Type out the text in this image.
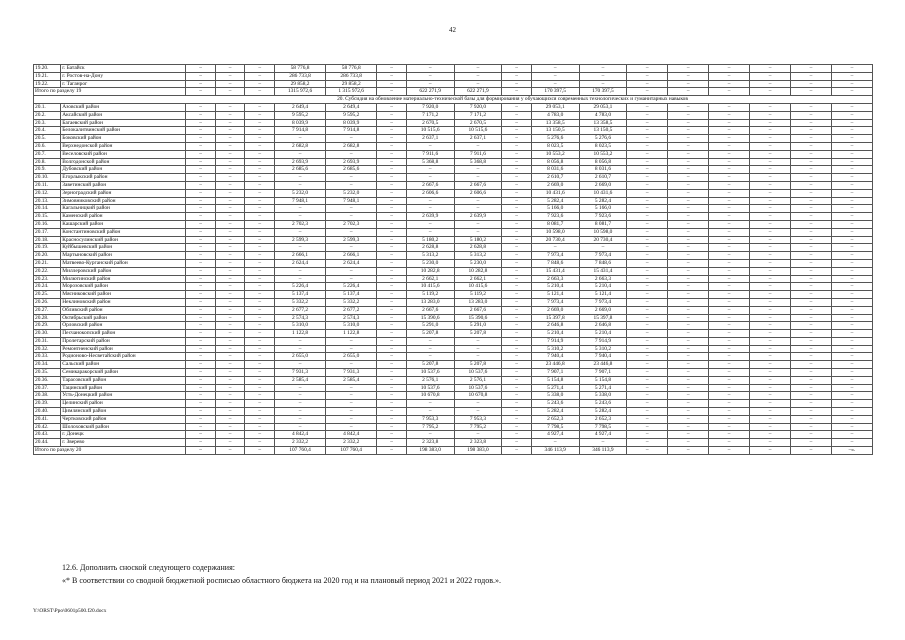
42
19.20.	г. Батайск	–	–	–	58 776,8	58 776,8	–	–	–	–	–	–	–	–	–	–	–	–
19.21.	г. Ростов-на-Дону	–	–	–	286 733,8	286 733,8	–	–	–	–	–	–	–	–	–	–	–	–
19.22.	г. Таганрог	–	–	–	29 858,2	29 858,2	–	–	–	–	–	–	–	–	–	–	–	–
Итого по разделу 19		–	–	–	1315 972,6	1 315 972,6	–	622 271,9	622 271,9	–	170 397,5	170 397,5	–	–	–	–	–	–
20. Субсидия на обновление материально-технической базы для формирования у обучающихся современных технологических и гуманитарных навыков																		
20.1.	Азовский район	–	–	–	2 649,4	2 649,4	–	7 920,0	7 920,0	–	29 053,1	29 053,1	–	–	–	–	–	–
20.2.	Аксайский район	–	–	–	9 595,2	9 595,2	–	7 171,2	7 171,2	–	4 783,0	4 783,0	–	–	–	–	–	–
20.3.	Багаевский район	–	–	–	8 039,9	8 039,9	–	2 670,5	2 670,5	–	13 358,5	13 358,5	–	–	–	–	–	–
20.4.	Белокалитвинский район	–	–	–	7 914,8	7 914,8	–	10 515,6	10 515,6	–	13 150,5	13 150,5	–	–	–	–	–	–
20.5.	Боковский район	–	–	–	–	–	–	2 637,1	2 637,1	–	5 276,6	5 276,6	–	–	–	–	–	–
20.6.	Верхнедонской район	–	–	–	2 682,8	2 682,8	–	–	–	–	8 023,5	8 023,5	–	–	–	–	–	–
20.7.	Веселовский район	–	–	–	–	–	–	7 911,6	7 911,6	–	10 553,2	10 553,2	–	–	–	–	–	–
20.8.	Волгодонской район	–	–	–	2 693,9	2 693,9	–	5 368,8	5 368,8	–	8 056,8	8 056,8	–	–	–	–	–	–
20.9.	Дубовский район	–	–	–	2 685,6	2 685,6	–	–	–	–	8 031,6	8 031,6	–	–	–	–	–	–
20.10.	Егорлыкский район	–	–	–	–	–	–	–	–	–	2 610,7	2 610,7	–	–	–	–	–	–
20.11.	Заветинский район	–	–	–	–	–	–	2 667,6	2 667,6	–	2 669,0	2 669,0	–	–	–	–	–	–
20.12.	Зерноградский район	–	–	–	5 232,0	5 232,0	–	2 606,6	2 606,6	–	10 431,6	10 431,6	–	–	–	–	–	–
20.13.	Зимовниковский район	–	–	–	7 948,1	7 948,1	–	–	–	–	5 282,4	5 282,4	–	–	–	–	–	–
20.14.	Кагальницкий район	–	–	–	–	–	–	–	–	–	5 166,0	5 166,0	–	–	–	–	–	–
20.15.	Каменский район	–	–	–	–	–	–	2 639,9	2 639,9	–	7 923,6	7 923,6	–	–	–	–	–	–
20.16.	Кашарский район	–	–	–	2 702,3	2 702,3	–	–	–	–	8 081,7	8 081,7	–	–	–	–	–	–
20.17.	Константиновский район	–	–	–	–	–	–	–	–	–	10 598,0	10 598,0	–	–	–	–	–	–
20.18.	Красносулинский район	–	–	–	2 599,3	2 599,3	–	5 180,2	5 180,2	–	20 730,4	20 730,4	–	–	–	–	–	–
20.19.	Куйбышевский район	–	–	–	–	–	–	2 628,8	2 628,8	–	–	–	–	–	–	–	–	–
20.20.	Мартыновский район	–	–	–	2 666,1	2 666,1	–	5 313,2	5 313,2	–	7 973,4	7 973,4	–	–	–	–	–	–
20.21.	Матвеево-Курганский район	–	–	–	2 624,4	2 624,4	–	5 230,0	5 230,0	–	7 848,6	7 848,6	–	–	–	–	–	–
20.22.	Миллеровский район	–	–	–	–	–	–	10 282,8	10 282,8	–	15 431,4	15 431,4	–	–	–	–	–	–
20.23.	Милютинский район	–	–	–	–	–	–	2 662,1	2 662,1	–	2 663,3	2 663,3	–	–	–	–	–	–
20.24.	Морозовский район	–	–	–	5 226,4	5 226,4	–	10 415,6	10 415,6	–	5 210,4	5 210,4	–	–	–	–	–	–
20.25.	Мясниковский район	–	–	–	5 137,4	5 137,4	–	5 119,2	5 119,2	–	5 121,4	5 121,4	–	–	–	–	–	–
20.26.	Неклиновский район	–	–	–	5 332,2	5 332,2	–	13 283,0	13 283,0	–	7 973,4	7 973,4	–	–	–	–	–	–
20.27.	Обливский район	–	–	–	2 677,2	2 677,2	–	2 667,6	2 667,6	–	2 669,0	2 669,0	–	–	–	–	–	–
20.28.	Октябрьский район	–	–	–	2 574,3	2 574,3	–	15 390,6	15 390,6	–	15 397,8	15 397,8	–	–	–	–	–	–
20.29.	Орловский район	–	–	–	5 310,0	5 310,0	–	5 291,0	5 291,0	–	2 646,8	2 646,8	–	–	–	–	–	–
20.30.	Песчанокопский район	–	–	–	1 122,8	1 122,8	–	5 207,8	5 207,8	–	5 210,4	5 210,4	–	–	–	–	–	–
20.31.	Пролетарский район	–	–	–	–	–	–	–	–	–	7 914,9	7 914,9	–	–	–	–	–	–
20.32.	Ремонтненский район	–	–	–	–	–	–	–	–	–	5 310,2	5 310,2	–	–	–	–	–	–
20.33.	Родионово-Несветайский район	–	–	–	2 655,0	2 655,0	–	–	–	–	7 940,4	7 940,4	–	–	–	–	–	–
20.34.	Сальский район	–	–	–	–	–	–	5 207,8	5 207,8	–	23 446,8	23 446,8	–	–	–	–	–	–
20.35.	Семикаракорский район	–	–	–	7 931,3	7 931,3	–	10 537,6	10 537,6	–	7 907,1	7 907,1	–	–	–	–	–	–
20.36.	Тарасовский район	–	–	–	2 585,4	2 585,4	–	2 576,1	2 576,1	–	5 154,8	5 154,8	–	–	–	–	–	–
20.37.	Тацинский район	–	–	–	–	–	–	10 537,6	10 537,6	–	5 271,4	5 271,4	–	–	–	–	–	–
20.38.	Усть-Донецкий район	–	–	–	–	–	–	10 670,8	10 670,8	–	5 338,0	5 338,0	–	–	–	–	–	–
20.39.	Целинский район	–	–	–	–	–	–	–	–	–	5 243,6	5 243,6	–	–	–	–	–	–
20.40.	Цимлянский район	–	–	–	–	–	–	–	–	–	5 282,4	5 282,4	–	–	–	–	–	–
20.41.	Чертковский район	–	–	–	–	–	–	7 953,3	7 953,3	–	2 652,3	2 652,3	–	–	–	–	–	–
20.42.	Шолоховский район	–	–	–	–	–	–	7 795,2	7 795,2	–	7 798,5	7 798,5	–	–	–	–	–	–
20.43.	г. Донецк	–	–	–	4 842,4	4 842,4	–	–	–	–	4 927,4	4 927,4	–	–	–	–	–	–
20.44.	г. Зверево	–	–	–	2 332,2	2 332,2	–	2 323,8	2 323,8	–	–	–	–	–	–	–	–	–
Итого по разделу 20		–	–	–	107 760,4	107 760,4	–	198 383,0	198 383,0	–	346 113,9	346 113,9	–	–	–	–	–	–».
12.6. Дополнить сноской следующего содержания:
«* В соответствии со сводной бюджетной росписью областного бюджета на 2020 год и на плановый период 2021 и 2022 годов.».
Y:\ORST\Ppo\0601p500.f20.docx
